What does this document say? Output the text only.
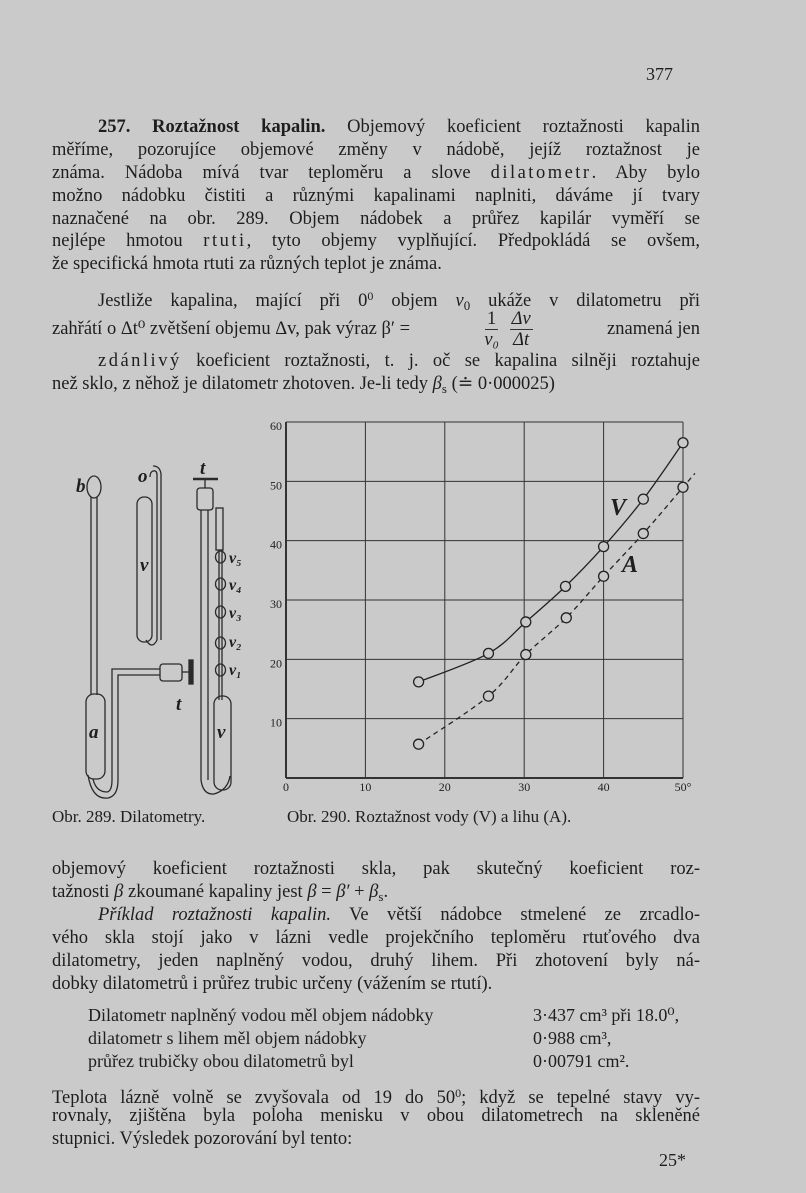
377
257. Roztažnost kapalin. Objemový koeficient roztažnosti kapalin
měříme, pozorujíce objemové změny v nádobě, jejíž roztažnost je
známa. Nádoba mívá tvar teploměru a slove dilatometr. Aby bylo
možno nádobku čistiti a různými kapalinami naplniti, dáváme jí tvary
naznačené na obr. 289. Objem nádobek a průřez kapilár vyměří se
nejlépe hmotou rtuti, tyto objemy vyplňující. Předpokládá se ovšem,
že specifická hmota rtuti za různých teplot je známa.
Jestliže kapalina, mající při $0^0$ objem $v_0$ ukáže v dilatometru při
zahřátí o Δt⁰ zvětšení objemu Δv, pak výraz β′ =	$\frac{1}{\text{v₀}}$
$\frac{\Delta v}{\Delta t}$	znamená jen
zdánlivý koeficient roztažnosti, t. j. oč se kapalina silněji roztahuje
než sklo, z něhož je dilatometr zhotoven. Je-li tedy $\beta_s$ (≐ 0·000025)
b	o
v
a
t
t
v₅
v₄
v₃
v₂
v₁
v
0	10	20	30	40	50°
10
20
30
40
50
60
V
A
Obr. 289. Dilatometry.	Obr. 290. Roztažnost vody (V) a lihu (A).
objemový koeficient roztažnosti skla, pak skutečný koeficient roz-
tažnosti β zkoumané kapaliny jest $\beta = \beta' + \beta_s$.
Příklad roztažnosti kapalin. Ve větší nádobce stmelené ze zrcadlo-
vého skla stojí jako v lázni vedle projekčního teploměru rtuťového dva
dilatometry, jeden naplněný vodou, druhý lihem. Při zhotovení byly ná-
dobky dilatometrů i průřez trubic určeny (vážením se rtutí).
Dilatometr naplněný vodou měl objem nádobky	3·437 cm³ při 18.0⁰,
dilatometr s lihem měl objem nádobky	0·988 cm³,
průřez trubičky obou dilatometrů byl	0·00791 cm².
Teplota lázně volně se zvyšovala od 19 do $50^0$; když se tepelné stavy vy-
rovnaly, zjištěna byla poloha menisku v obou dilatometrech na skleněné
stupnici. Výsledek pozorování byl tento:
25*
